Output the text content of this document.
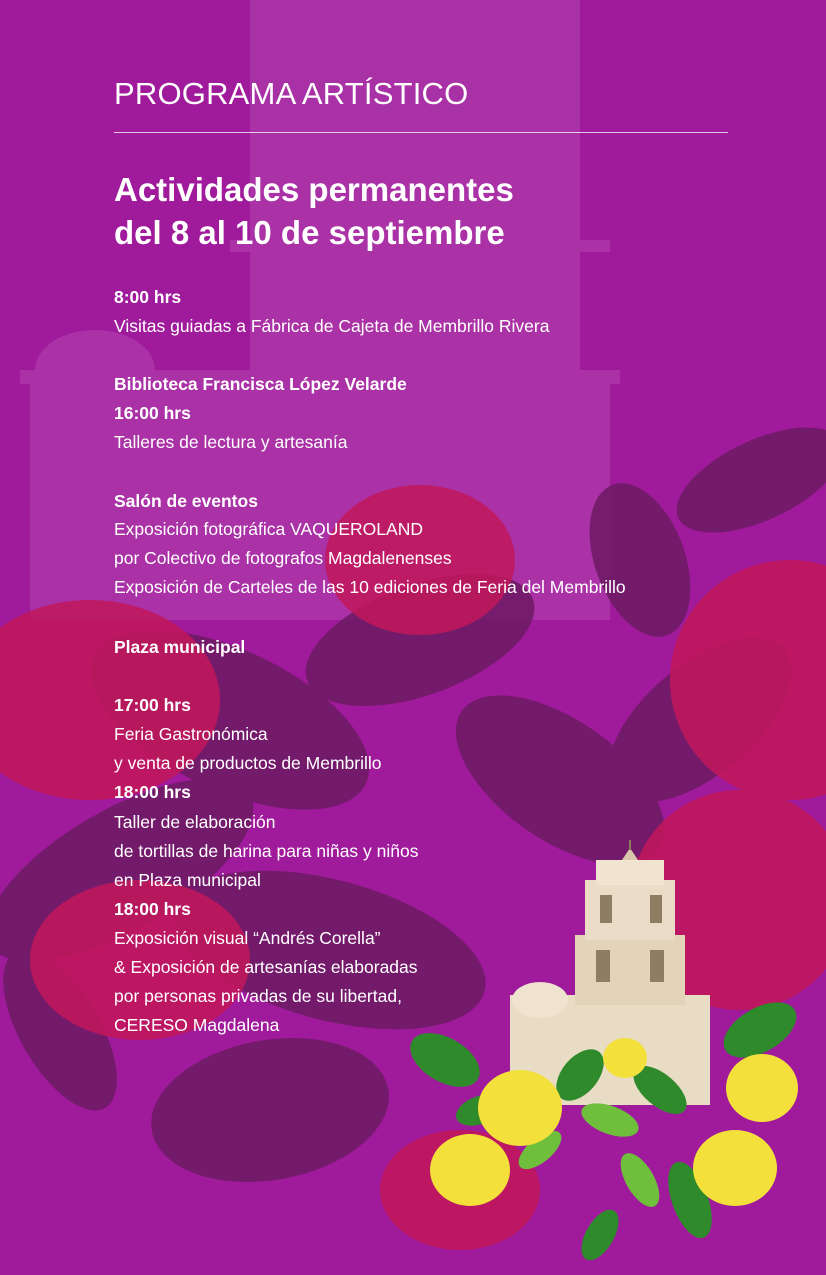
PROGRAMA ARTÍSTICO
Actividades permanentes
del 8 al 10 de septiembre
8:00 hrs
Visitas guiadas a Fábrica de Cajeta de Membrillo Rivera
Biblioteca Francisca López Velarde
16:00 hrs
Talleres de lectura y artesanía
Salón de eventos
Exposición fotográfica VAQUEROLAND
por Colectivo de fotografos Magdalenenses
Exposición de Carteles de las 10 ediciones de Feria del Membrillo
Plaza municipal
17:00 hrs
Feria Gastronómica
y venta de productos de Membrillo
18:00 hrs
Taller de elaboración
de tortillas de harina para niñas y niños
en Plaza municipal
18:00 hrs
Exposición visual “Andrés Corella”
& Exposición de artesanías elaboradas
por personas privadas de su libertad,
CERESO Magdalena
